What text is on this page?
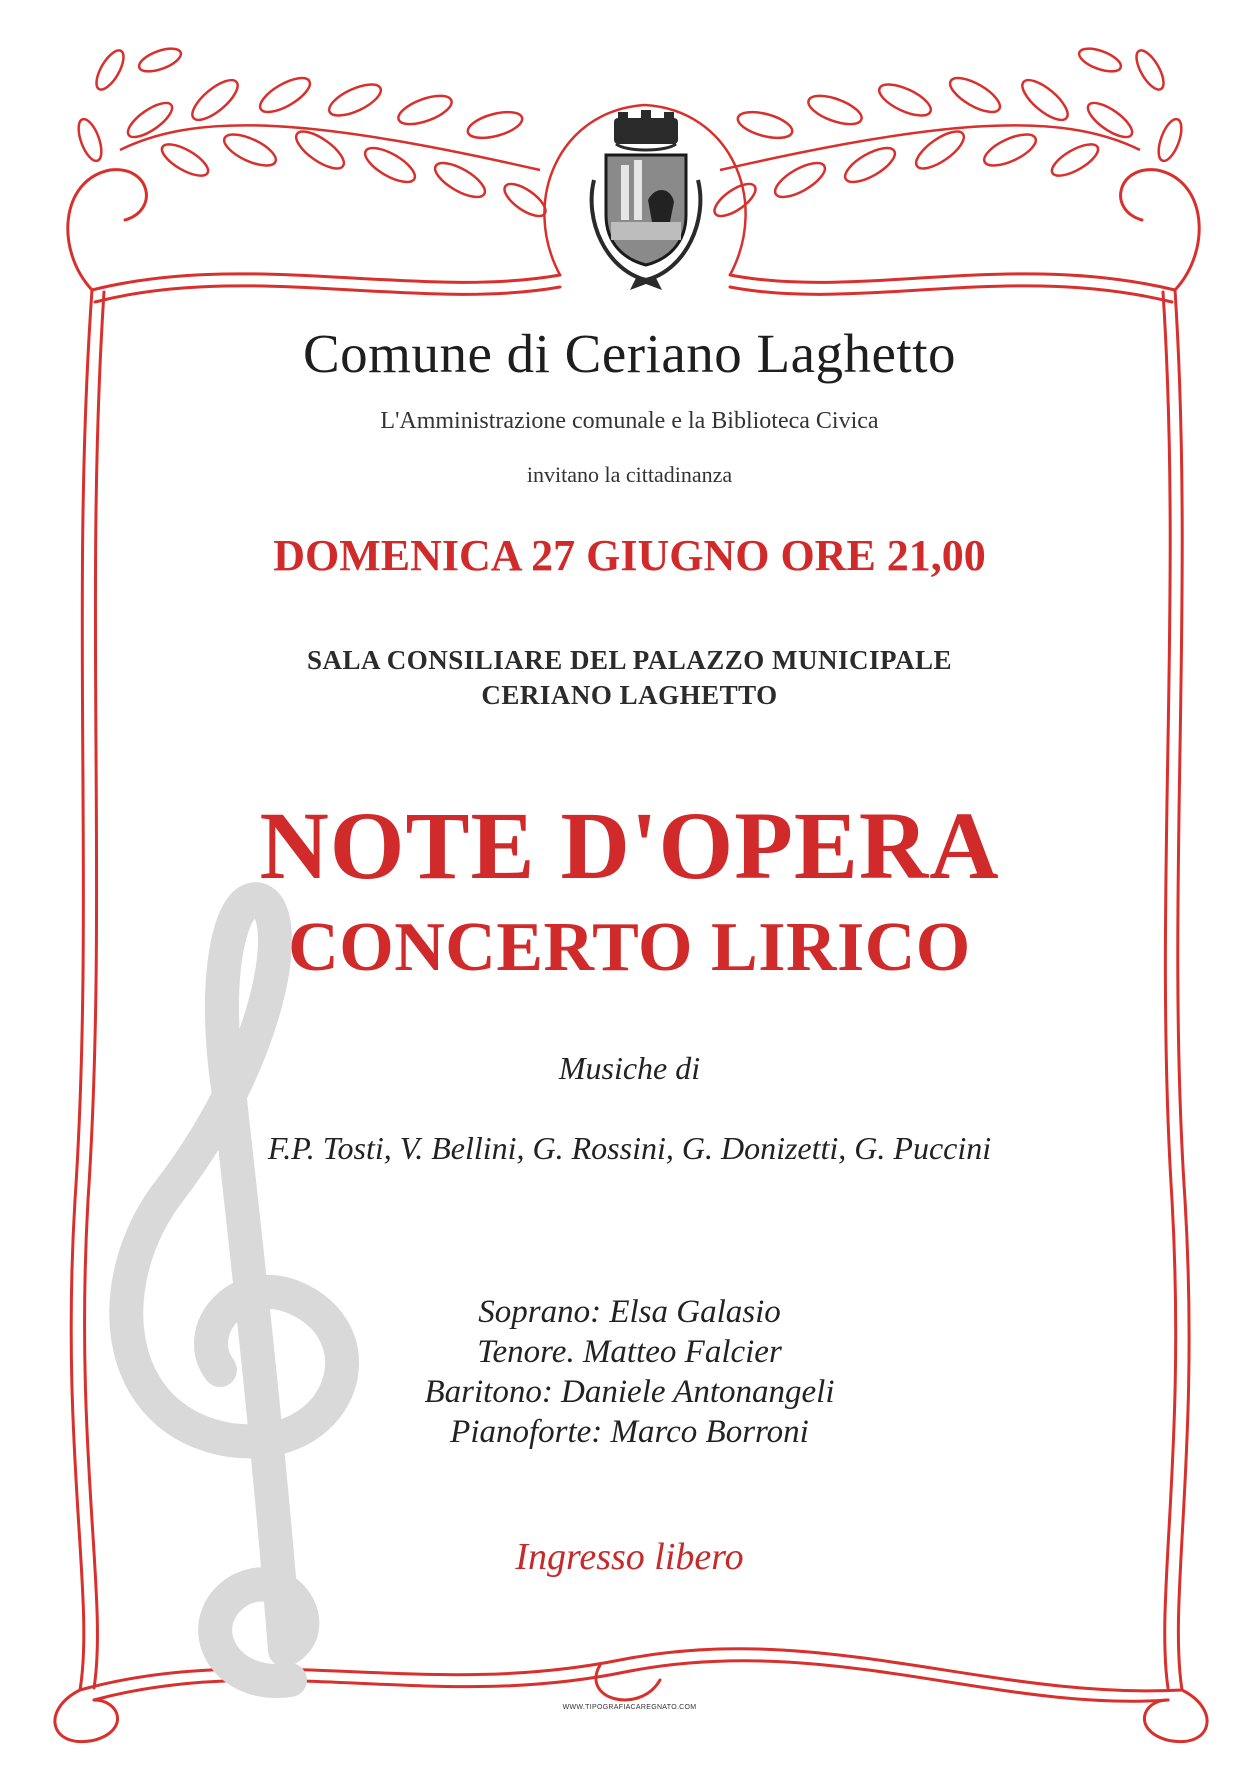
Comune di Ceriano Laghetto
L'Amministrazione comunale e la Biblioteca Civica
invitano la cittadinanza
DOMENICA 27 GIUGNO ORE 21,00
SALA CONSILIARE DEL PALAZZO MUNICIPALE
CERIANO LAGHETTO
NOTE D'OPERA
CONCERTO LIRICO
Musiche di
F.P. Tosti, V. Bellini, G. Rossini, G. Donizetti, G. Puccini
Soprano: Elsa Galasio
Tenore. Matteo Falcier
Baritono: Daniele Antonangeli
Pianoforte: Marco Borroni
Ingresso libero
WWW.TIPOGRAFIACAREGNATO.COM
